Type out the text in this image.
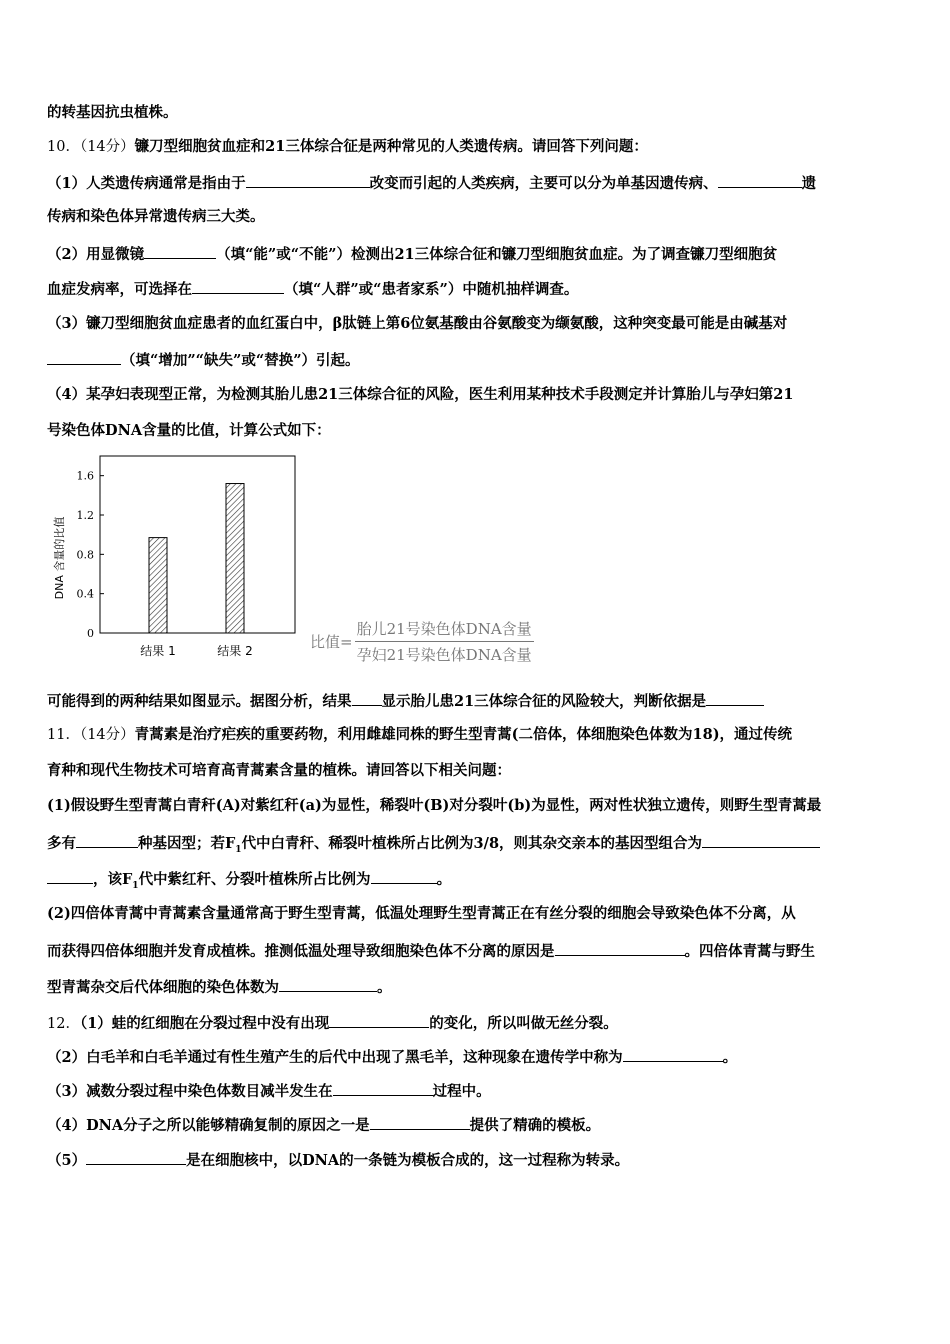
的转基因抗虫植株。
10．（14分）镰刀型细胞贫血症和21三体综合征是两种常见的人类遗传病。请回答下列问题：
（1）人类遗传病通常是指由于	改变而引起的人类疾病，主要可以分为单基因遗传病、	遗
传病和染色体异常遗传病三大类。
（2）用显微镜	（填“能”或“不能”）检测出21三体综合征和镰刀型细胞贫血症。为了调查镰刀型细胞贫
血症发病率，可选择在	（填“人群”或“患者家系”）中随机抽样调查。
（3）镰刀型细胞贫血症患者的血红蛋白中，β肽链上第6位氨基酸由谷氨酸变为缬氨酸，这种突变最可能是由碱基对
（填“增加”“缺失”或“替换”）引起。
（4）某孕妇表现型正常，为检测其胎儿患21三体综合征的风险，医生利用某种技术手段测定并计算胎儿与孕妇第21
号染色体DNA含量的比值，计算公式如下：
0
0.4
0.8
1.2
1.6
结果 1	结果 2
DNA 含量的比值
比值= $\frac{\text{胎儿21号染色体DNA含量}}{\text{孕妇21号染色体DNA含量}}$
可能得到的两种结果如图显示。据图分析，结果 显示胎儿患21三体综合征的风险较大，判断依据是
11．（14分）青蒿素是治疗疟疾的重要药物，利用雌雄同株的野生型青蒿(二倍体，体细胞染色体数为18)，通过传统
育种和现代生物技术可培育高青蒿素含量的植株。请回答以下相关问题：
(1)假设野生型青蒿白青秆(A)对紫红秆(a)为显性，稀裂叶(B)对分裂叶(b)为显性，两对性状独立遗传，则野生型青蒿最
多有	种基因型；若$F_1$代中白青秆、稀裂叶植株所占比例为3/8，则其杂交亲本的基因型组合为
，该$F_1$代中紫红秆、分裂叶植株所占比例为	。
(2)四倍体青蒿中青蒿素含量通常高于野生型青蒿，低温处理野生型青蒿正在有丝分裂的细胞会导致染色体不分离，从
而获得四倍体细胞并发育成植株。推测低温处理导致细胞染色体不分离的原因是	。四倍体青蒿与野生
型青蒿杂交后代体细胞的染色体数为	。
12．（1）蛙的红细胞在分裂过程中没有出现	的变化，所以叫做无丝分裂。
（2）白毛羊和白毛羊通过有性生殖产生的后代中出现了黑毛羊，这种现象在遗传学中称为	。
（3）减数分裂过程中染色体数目减半发生在	过程中。
（4）DNA分子之所以能够精确复制的原因之一是	提供了精确的模板。
（5）	是在细胞核中，以DNA的一条链为模板合成的，这一过程称为转录。
